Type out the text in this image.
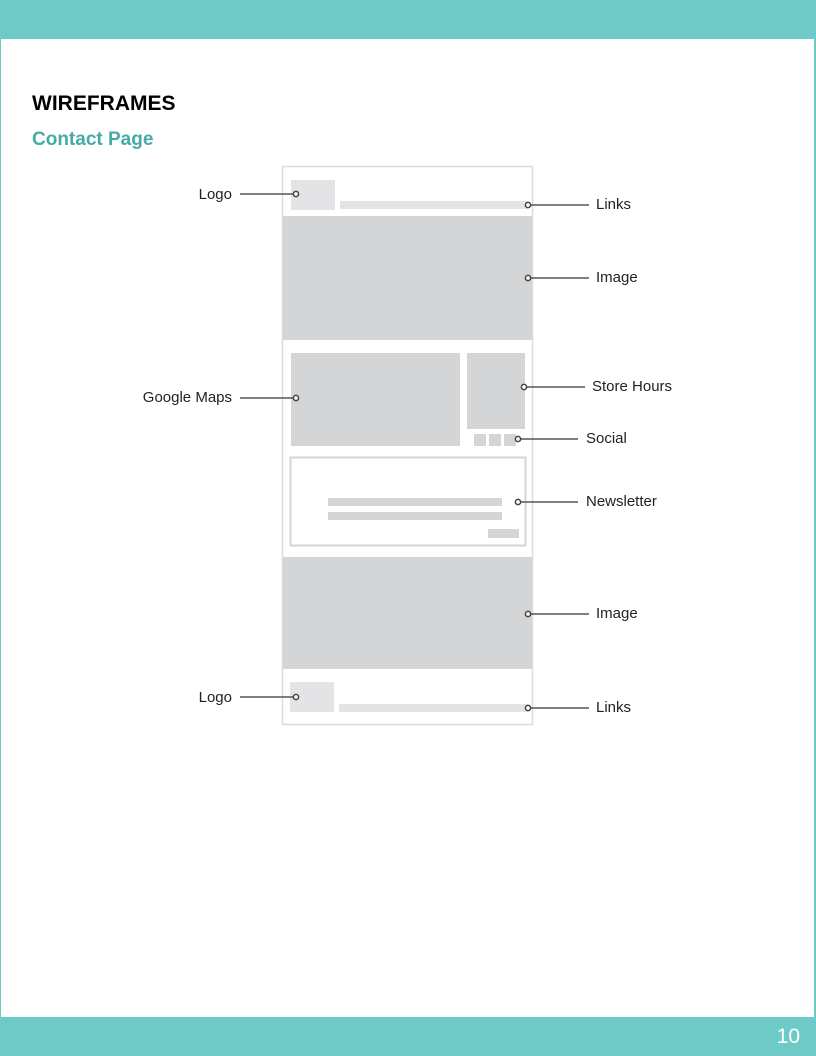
WIREFRAMES
Contact Page
Logo
Links
Image
Google Maps
Store Hours
Social
Newsletter
Image
Logo
Links
10
